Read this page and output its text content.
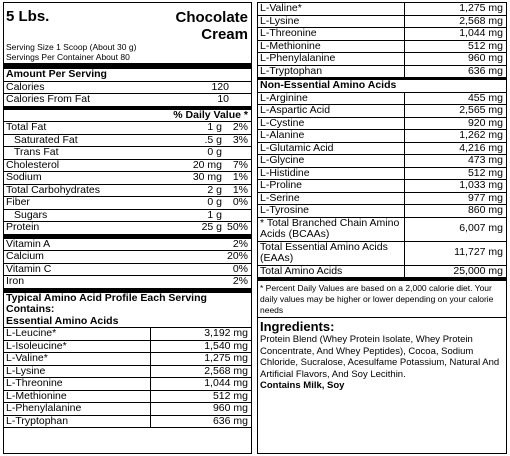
5 Lbs.	Chocolate Cream
Serving Size 1 Scoop (About 30 g)
Servings Per Container About 80
Amount Per Serving
Calories	120
Calories From Fat	10
% Daily Value *
Total Fat	1 g	2%
Saturated Fat	.5 g	3%
Trans Fat	0 g
Cholesterol	20 mg	7%
Sodium	30 mg	1%
Total Carbohydrates	2 g	1%
Fiber	0 g	0%
Sugars	1 g
Protein	25 g 50%
Vitamin A	2%
Calcium	20%
Vitamin C	0%
Iron	2%
Typical Amino Acid Profile Each Serving Contains:
Essential Amino Acids
L-Leucine*	3,192 mg
L-Isoleucine*	1,540 mg
L-Valine*	1,275 mg
L-Lysine	2,568 mg
L-Threonine	1,044 mg
L-Methionine	512 mg
L-Phenylalanine	960 mg
L-Tryptophan	636 mg
L-Valine*	1,275 mg
L-Lysine	2,568 mg
L-Threonine	1,044 mg
L-Methionine	512 mg
L-Phenylalanine	960 mg
L-Tryptophan	636 mg
Non-Essential Amino Acids
L-Arginine	455 mg
L-Aspartic Acid	2,565 mg
L-Cystine	920 mg
L-Alanine	1,262 mg
L-Glutamic Acid	4,216 mg
L-Glycine	473 mg
L-Histidine	512 mg
L-Proline	1,033 mg
L-Serine	977 mg
L-Tyrosine	860 mg
* Total Branched Chain Amino Acids (BCAAs)	6,007 mg
Total Essential Amino Acids (EAAs)	11,727 mg
Total Amino Acids	25,000 mg
* Percent Daily Values are based on a 2,000 calorie diet. Your daily values may be higher or lower depending on your calorie needs
Ingredients:
Protein Blend (Whey Protein Isolate, Whey Protein Concentrate, And Whey Peptides), Cocoa, Sodium Chloride, Sucralose, Acesulfame Potassium, Natural And Artificial Flavors, And Soy Lecithin.
Contains Milk, Soy
